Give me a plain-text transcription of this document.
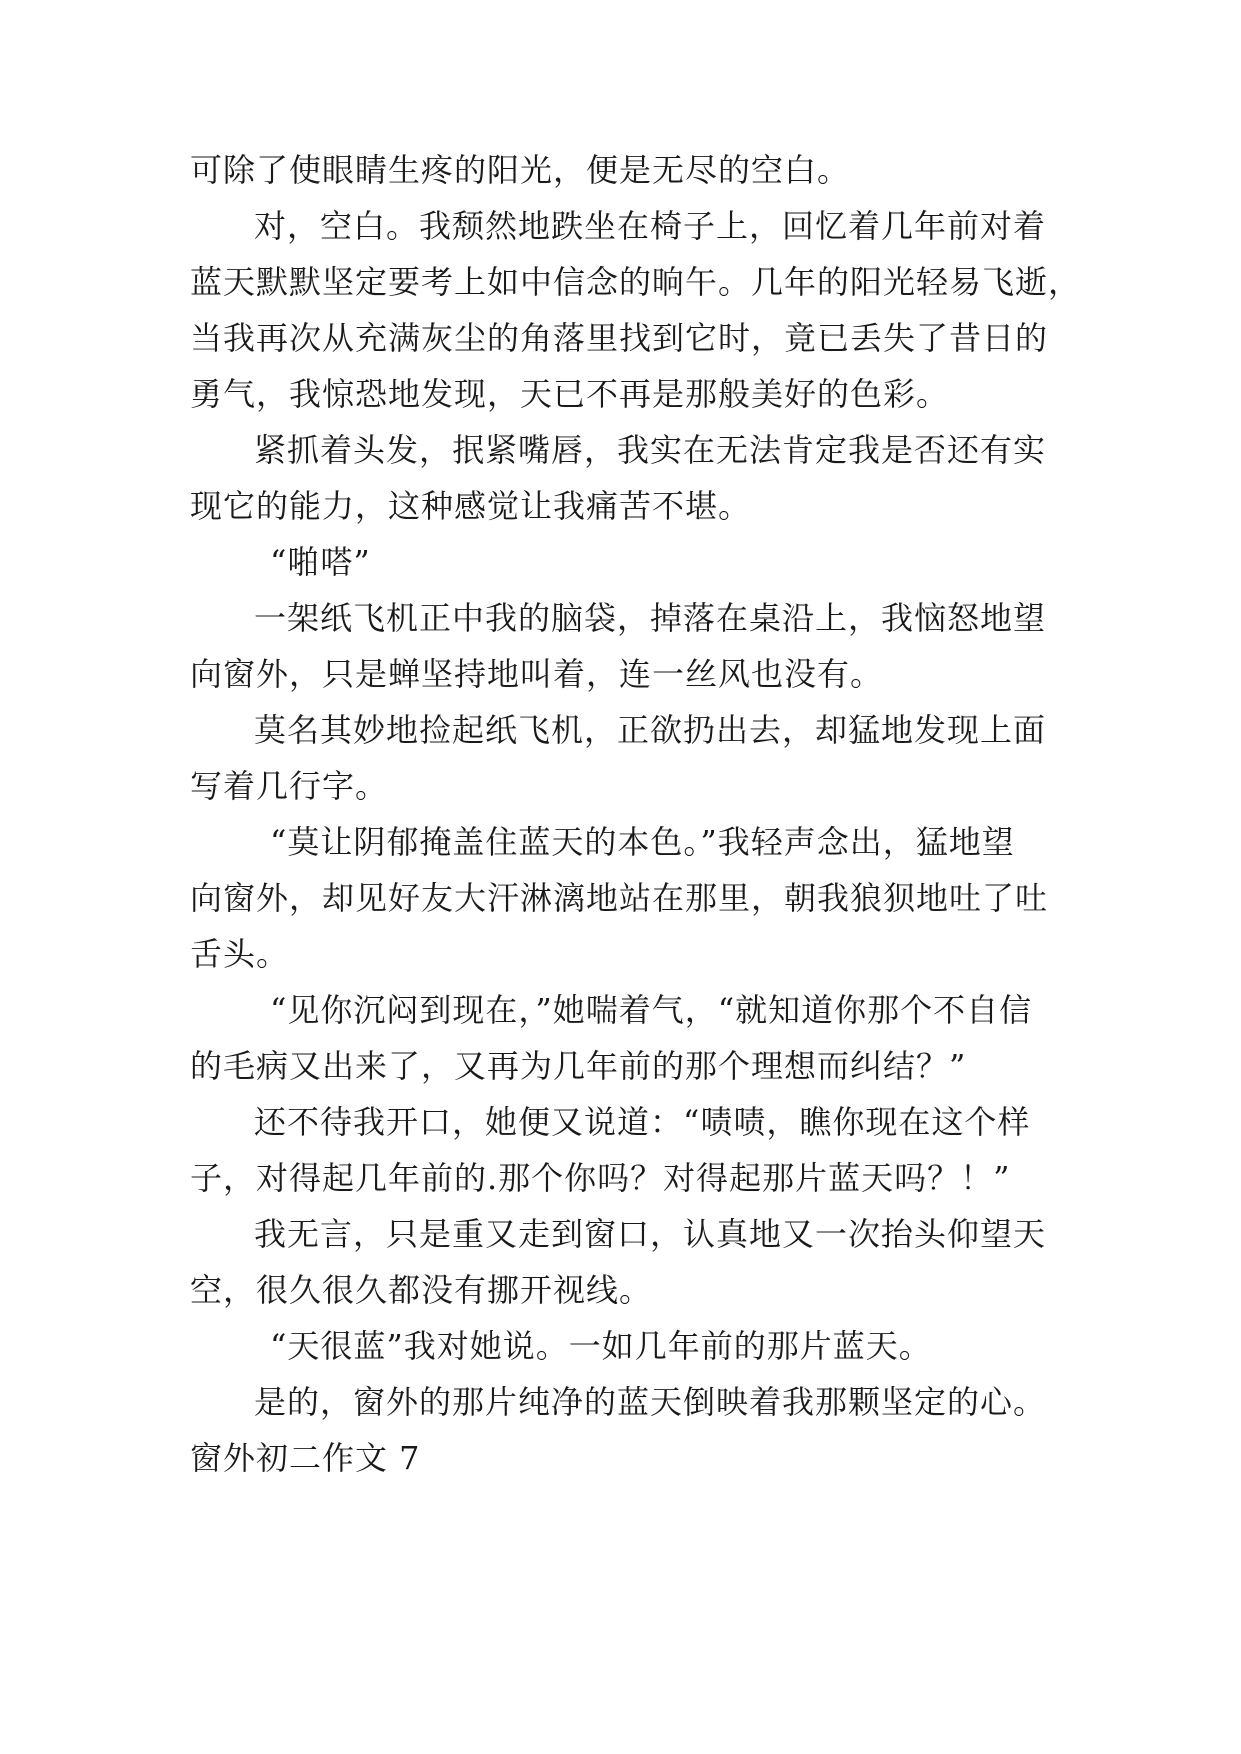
可除了使眼睛生疼的阳光，便是无尽的空白。
对，空白。我颓然地跌坐在椅子上，回忆着几年前对着
蓝天默默坚定要考上如中信念的晌午。几年的阳光轻易飞逝，
当我再次从充满灰尘的角落里找到它时，竟已丢失了昔日的
勇气，我惊恐地发现，天已不再是那般美好的色彩。
紧抓着头发，抿紧嘴唇，我实在无法肯定我是否还有实
现它的能力，这种感觉让我痛苦不堪。
“啪嗒”
一架纸飞机正中我的脑袋，掉落在桌沿上，我恼怒地望
向窗外，只是蝉坚持地叫着，连一丝风也没有。
莫名其妙地捡起纸飞机，正欲扔出去，却猛地发现上面
写着几行字。
“莫让阴郁掩盖住蓝天的本色。”我轻声念出，猛地望
向窗外，却见好友大汗淋漓地站在那里，朝我狼狈地吐了吐
舌头。
“见你沉闷到现在，”她喘着气，“就知道你那个不自信
的毛病又出来了，又再为几年前的那个理想而纠结？”
还不待我开口，她便又说道：“啧啧，瞧你现在这个样
子，对得起几年前的.那个你吗？对得起那片蓝天吗？！”
我无言，只是重又走到窗口，认真地又一次抬头仰望天
空，很久很久都没有挪开视线。
“天很蓝”我对她说。一如几年前的那片蓝天。
是的，窗外的那片纯净的蓝天倒映着我那颗坚定的心。
窗外初二作文 7
